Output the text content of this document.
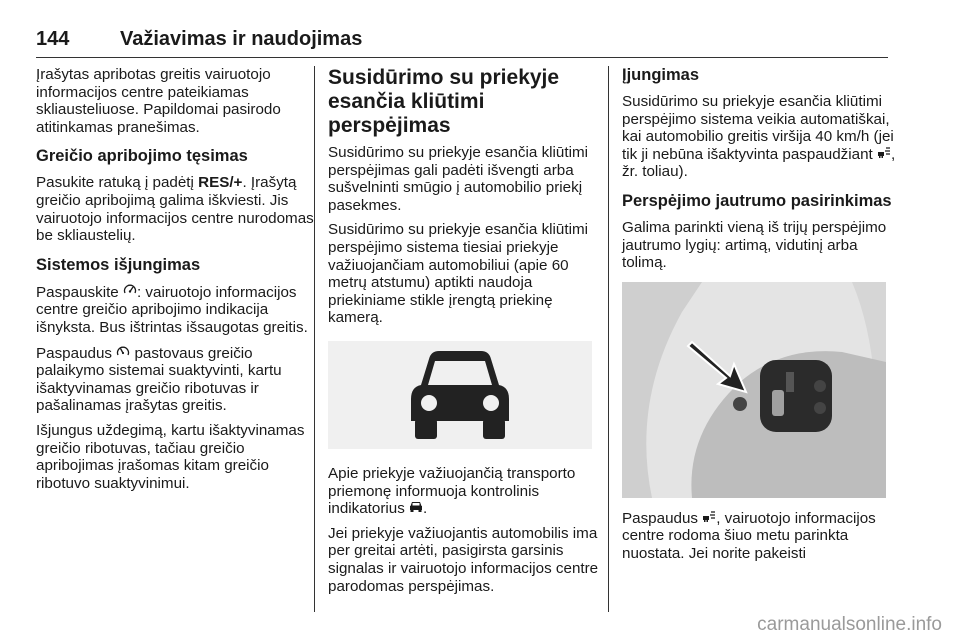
144	Važiavimas ir naudojimas

Įrašytas apribotas greitis vairuotojo informacijos centre pateikiamas skliausteliuose. Papildomai pasirodo atitinkamas pranešimas.

Greičio apribojimo tęsimas

Pasukite ratuką į padėtį RES/+. Įrašytą greičio apribojimą galima iškviesti. Jis vairuotojo informacijos centre nurodomas be skliaustelių.

Sistemos išjungimas

Paspauskite : vairuotojo informacijos centre greičio apribojimo indikacija išnyksta. Bus ištrintas išsaugotas greitis.

Paspaudus  pastovaus greičio palaikymo sistemai suaktyvinti, kartu išaktyvinamas greičio ribotuvas ir pašalinamas įrašytas greitis.

Išjungus uždegimą, kartu išaktyvinamas greičio ribotuvas, tačiau greičio apribojimas įrašomas kitam greičio ribotuvo suaktyvinimui.

Susidūrimo su priekyje esančia kliūtimi perspėjimas

Susidūrimo su priekyje esančia kliūtimi perspėjimas gali padėti išvengti arba sušvelninti smūgio į automobilio priekį pasekmes.

Susidūrimo su priekyje esančia kliūtimi perspėjimo sistema tiesiai priekyje važiuojančiam automobiliui (apie 60 metrų atstumu) aptikti naudoja priekiniame stikle įrengtą priekinę kamerą.

Apie priekyje važiuojančią transporto priemonę informuoja kontrolinis indikatorius .

Jei priekyje važiuojantis automobilis ima per greitai artėti, pasigirsta garsinis signalas ir vairuotojo informacijos centre parodomas perspėjimas.

Įjungimas

Susidūrimo su priekyje esančia kliūtimi perspėjimo sistema veikia automatiškai, kai automobilio greitis viršija 40 km/h (jei tik ji nebūna išaktyvinta paspaudžiant , žr. toliau).

Perspėjimo jautrumo pasirinkimas

Galima parinkti vieną iš trijų perspėjimo jautrumo lygių: artimą, vidutinį arba tolimą.

Paspaudus , vairuotojo informacijos centre rodoma šiuo metu parinkta nuostata. Jei norite pakeisti

carmanualsonline.info
